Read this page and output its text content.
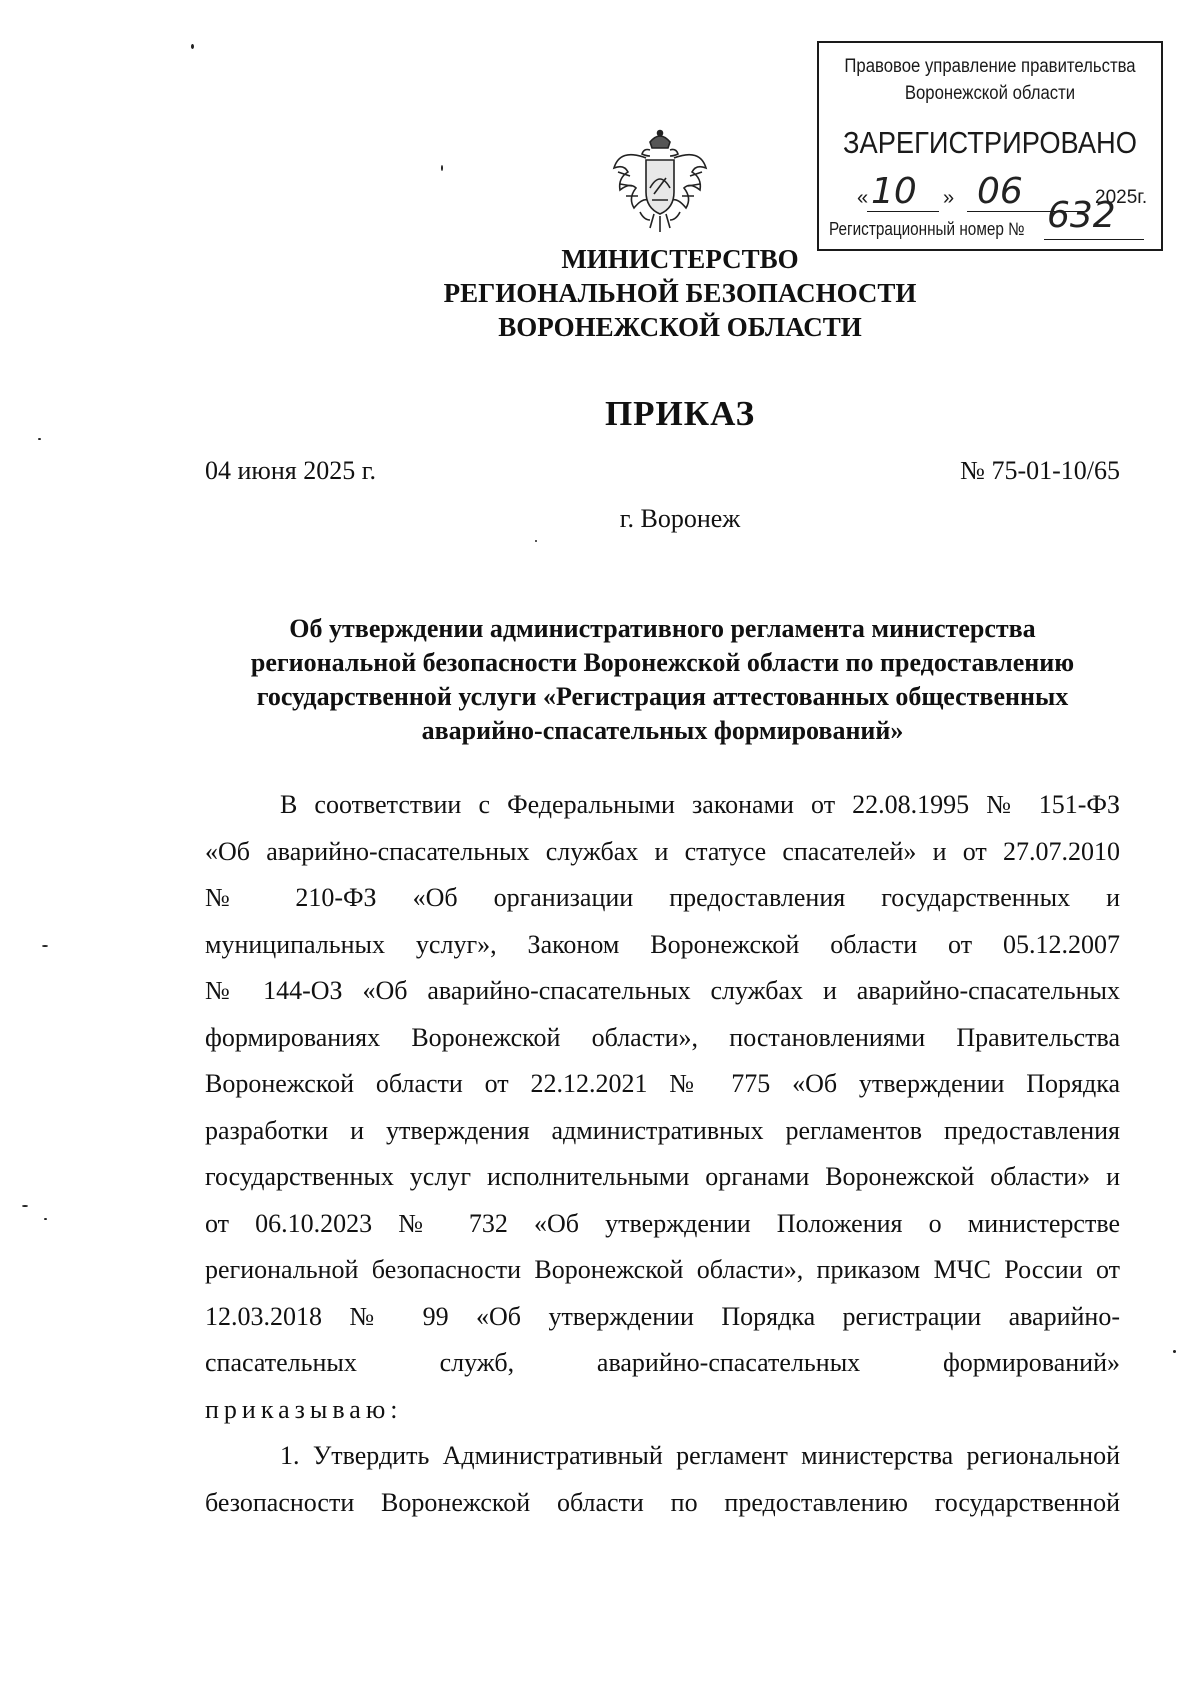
Правовое управление правительства
Воронежской области
ЗАРЕГИСТРИРОВАНО
« 10 » 06	2025г.
Регистрационный номер № 632
МИНИСТЕРСТВО
РЕГИОНАЛЬНОЙ БЕЗОПАСНОСТИ
ВОРОНЕЖСКОЙ ОБЛАСТИ
ПРИКАЗ
04 июня 2025 г.	№ 75-01-10/65
г. Воронеж
Об утверждении административного регламента министерства
региональной безопасности Воронежской области по предоставлению
государственной услуги «Регистрация аттестованных общественных
аварийно-спасательных формирований»
В соответствии с Федеральными законами от 22.08.1995 № 151-ФЗ
«Об аварийно-спасательных службах и статусе спасателей» и от 27.07.2010
№ 210-ФЗ «Об организации предоставления государственных и
муниципальных услуг», Законом Воронежской области от 05.12.2007
№ 144-ОЗ «Об аварийно-спасательных службах и аварийно-спасательных
формированиях Воронежской области», постановлениями Правительства
Воронежской области от 22.12.2021 № 775 «Об утверждении Порядка
разработки и утверждения административных регламентов предоставления
государственных услуг исполнительными органами Воронежской области» и
от 06.10.2023 № 732 «Об утверждении Положения о министерстве
региональной безопасности Воронежской области», приказом МЧС России от
12.03.2018 № 99 «Об утверждении Порядка регистрации аварийно-
спасательных служб, аварийно-спасательных формирований»
приказываю:
1. Утвердить Административный регламент министерства региональной
безопасности Воронежской области по предоставлению государственной
